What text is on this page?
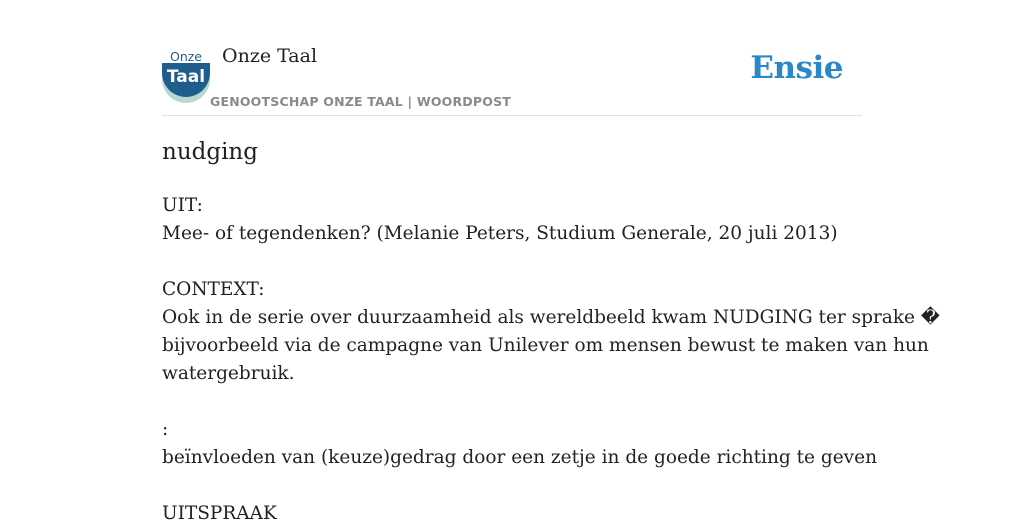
Onze
Taal
Onze Taal
GENOOTSCHAP ONZE TAAL | WOORDPOST
Ensie
nudging
UIT:
Mee- of tegendenken? (Melanie Peters, Studium Generale, 20 juli 2013)
CONTEXT:
Ook in de serie over duurzaamheid als wereldbeeld kwam NUDGING ter sprake �
bijvoorbeeld via de campagne van Unilever om mensen bewust te maken van hun
watergebruik.
:
beïnvloeden van (keuze)gedrag door een zetje in de goede richting te geven
UITSPRAAK
